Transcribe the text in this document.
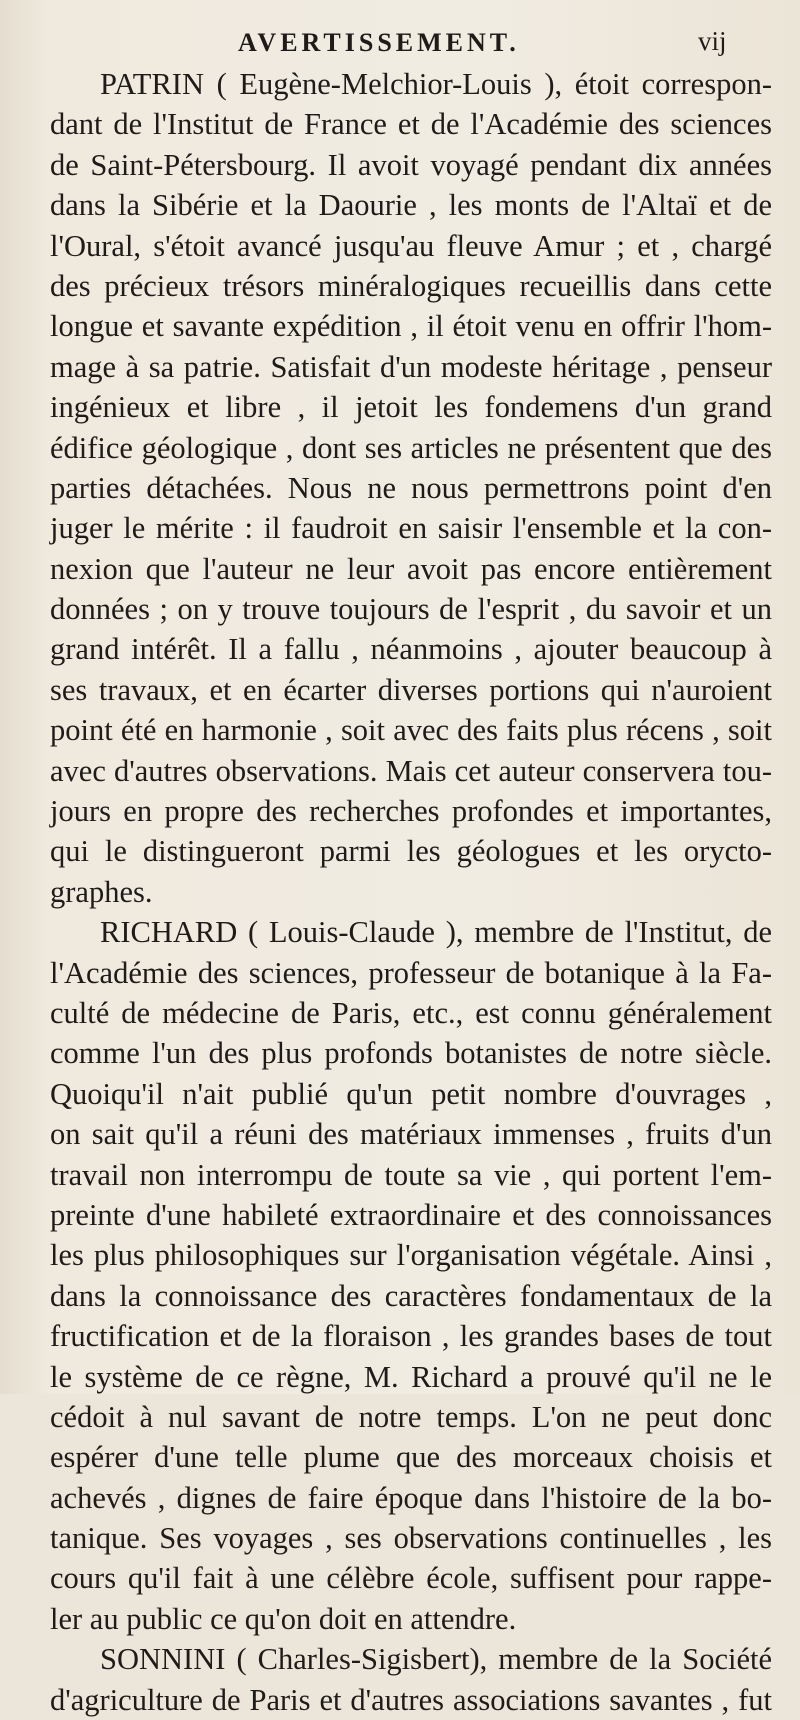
AVERTISSEMENT.	vij
PATRIN ( Eugène-Melchior-Louis ), étoit correspon-
dant de l'Institut de France et de l'Académie des sciences
de Saint-Pétersbourg. Il avoit voyagé pendant dix années
dans la Sibérie et la Daourie , les monts de l'Altaï et de
l'Oural, s'étoit avancé jusqu'au fleuve Amur ; et , chargé
des précieux trésors minéralogiques recueillis dans cette
longue et savante expédition , il étoit venu en offrir l'hom-
mage à sa patrie. Satisfait d'un modeste héritage , penseur
ingénieux et libre , il jetoit les fondemens d'un grand
édifice géologique , dont ses articles ne présentent que des
parties détachées. Nous ne nous permettrons point d'en
juger le mérite : il faudroit en saisir l'ensemble et la con-
nexion que l'auteur ne leur avoit pas encore entièrement
données ; on y trouve toujours de l'esprit , du savoir et un
grand intérêt. Il a fallu , néanmoins , ajouter beaucoup à
ses travaux, et en écarter diverses portions qui n'auroient
point été en harmonie , soit avec des faits plus récens , soit
avec d'autres observations. Mais cet auteur conservera tou-
jours en propre des recherches profondes et importantes,
qui le distingueront parmi les géologues et les orycto-
graphes.
RICHARD ( Louis-Claude ), membre de l'Institut, de
l'Académie des sciences, professeur de botanique à la Fa-
culté de médecine de Paris, etc., est connu généralement
comme l'un des plus profonds botanistes de notre siècle.
Quoiqu'il n'ait publié qu'un petit nombre d'ouvrages ,
on sait qu'il a réuni des matériaux immenses , fruits d'un
travail non interrompu de toute sa vie , qui portent l'em-
preinte d'une habileté extraordinaire et des connoissances
les plus philosophiques sur l'organisation végétale. Ainsi ,
dans la connoissance des caractères fondamentaux de la
fructification et de la floraison , les grandes bases de tout
le système de ce règne, M. Richard a prouvé qu'il ne le
cédoit à nul savant de notre temps. L'on ne peut donc
espérer d'une telle plume que des morceaux choisis et
achevés , dignes de faire époque dans l'histoire de la bo-
tanique. Ses voyages , ses observations continuelles , les
cours qu'il fait à une célèbre école, suffisent pour rappe-
ler au public ce qu'on doit en attendre.
SONNINI ( Charles-Sigisbert), membre de la Société
d'agriculture de Paris et d'autres associations savantes , fut
